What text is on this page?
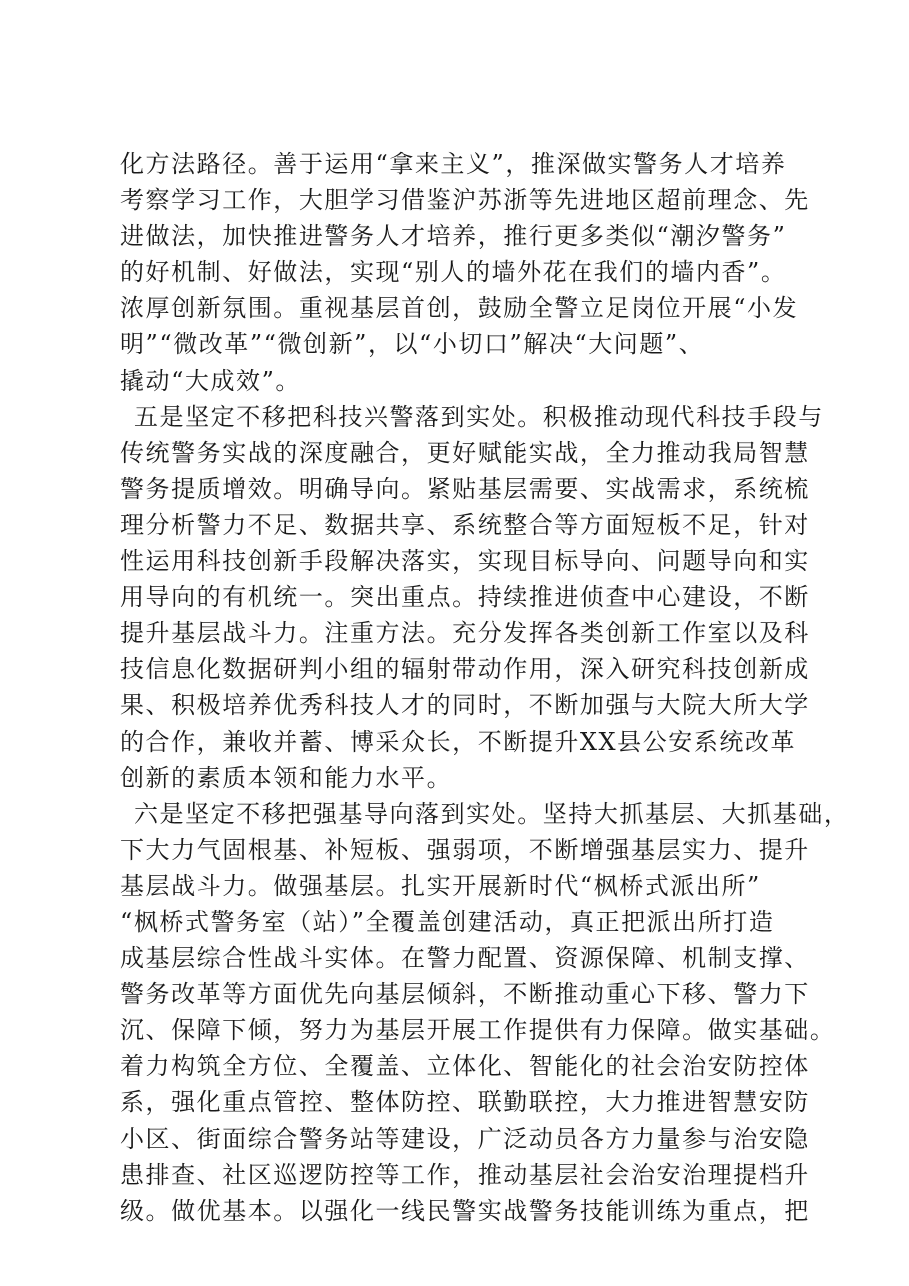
化方法路径。善于运用“拿来主义”，推深做实警务人才培养
考察学习工作，大胆学习借鉴沪苏浙等先进地区超前理念、先
进做法，加快推进警务人才培养，推行更多类似“潮汐警务”
的好机制、好做法，实现“别人的墙外花在我们的墙内香”。
浓厚创新氛围。重视基层首创，鼓励全警立足岗位开展“小发
明”“微改革”“微创新”，以“小切口”解决“大问题”、
撬动“大成效”。
五是坚定不移把科技兴警落到实处。积极推动现代科技手段与
传统警务实战的深度融合，更好赋能实战，全力推动我局智慧
警务提质增效。明确导向。紧贴基层需要、实战需求，系统梳
理分析警力不足、数据共享、系统整合等方面短板不足，针对
性运用科技创新手段解决落实，实现目标导向、问题导向和实
用导向的有机统一。突出重点。持续推进侦查中心建设，不断
提升基层战斗力。注重方法。充分发挥各类创新工作室以及科
技信息化数据研判小组的辐射带动作用，深入研究科技创新成
果、积极培养优秀科技人才的同时，不断加强与大院大所大学
的合作，兼收并蓄、博采众长，不断提升XX县公安系统改革
创新的素质本领和能力水平。
六是坚定不移把强基导向落到实处。坚持大抓基层、大抓基础，
下大力气固根基、补短板、强弱项，不断增强基层实力、提升
基层战斗力。做强基层。扎实开展新时代“枫桥式派出所”
“枫桥式警务室（站）”全覆盖创建活动，真正把派出所打造
成基层综合性战斗实体。在警力配置、资源保障、机制支撑、
警务改革等方面优先向基层倾斜，不断推动重心下移、警力下
沉、保障下倾，努力为基层开展工作提供有力保障。做实基础。
着力构筑全方位、全覆盖、立体化、智能化的社会治安防控体
系，强化重点管控、整体防控、联勤联控，大力推进智慧安防
小区、街面综合警务站等建设，广泛动员各方力量参与治安隐
患排查、社区巡逻防控等工作，推动基层社会治安治理提档升
级。做优基本。以强化一线民警实战警务技能训练为重点，把
